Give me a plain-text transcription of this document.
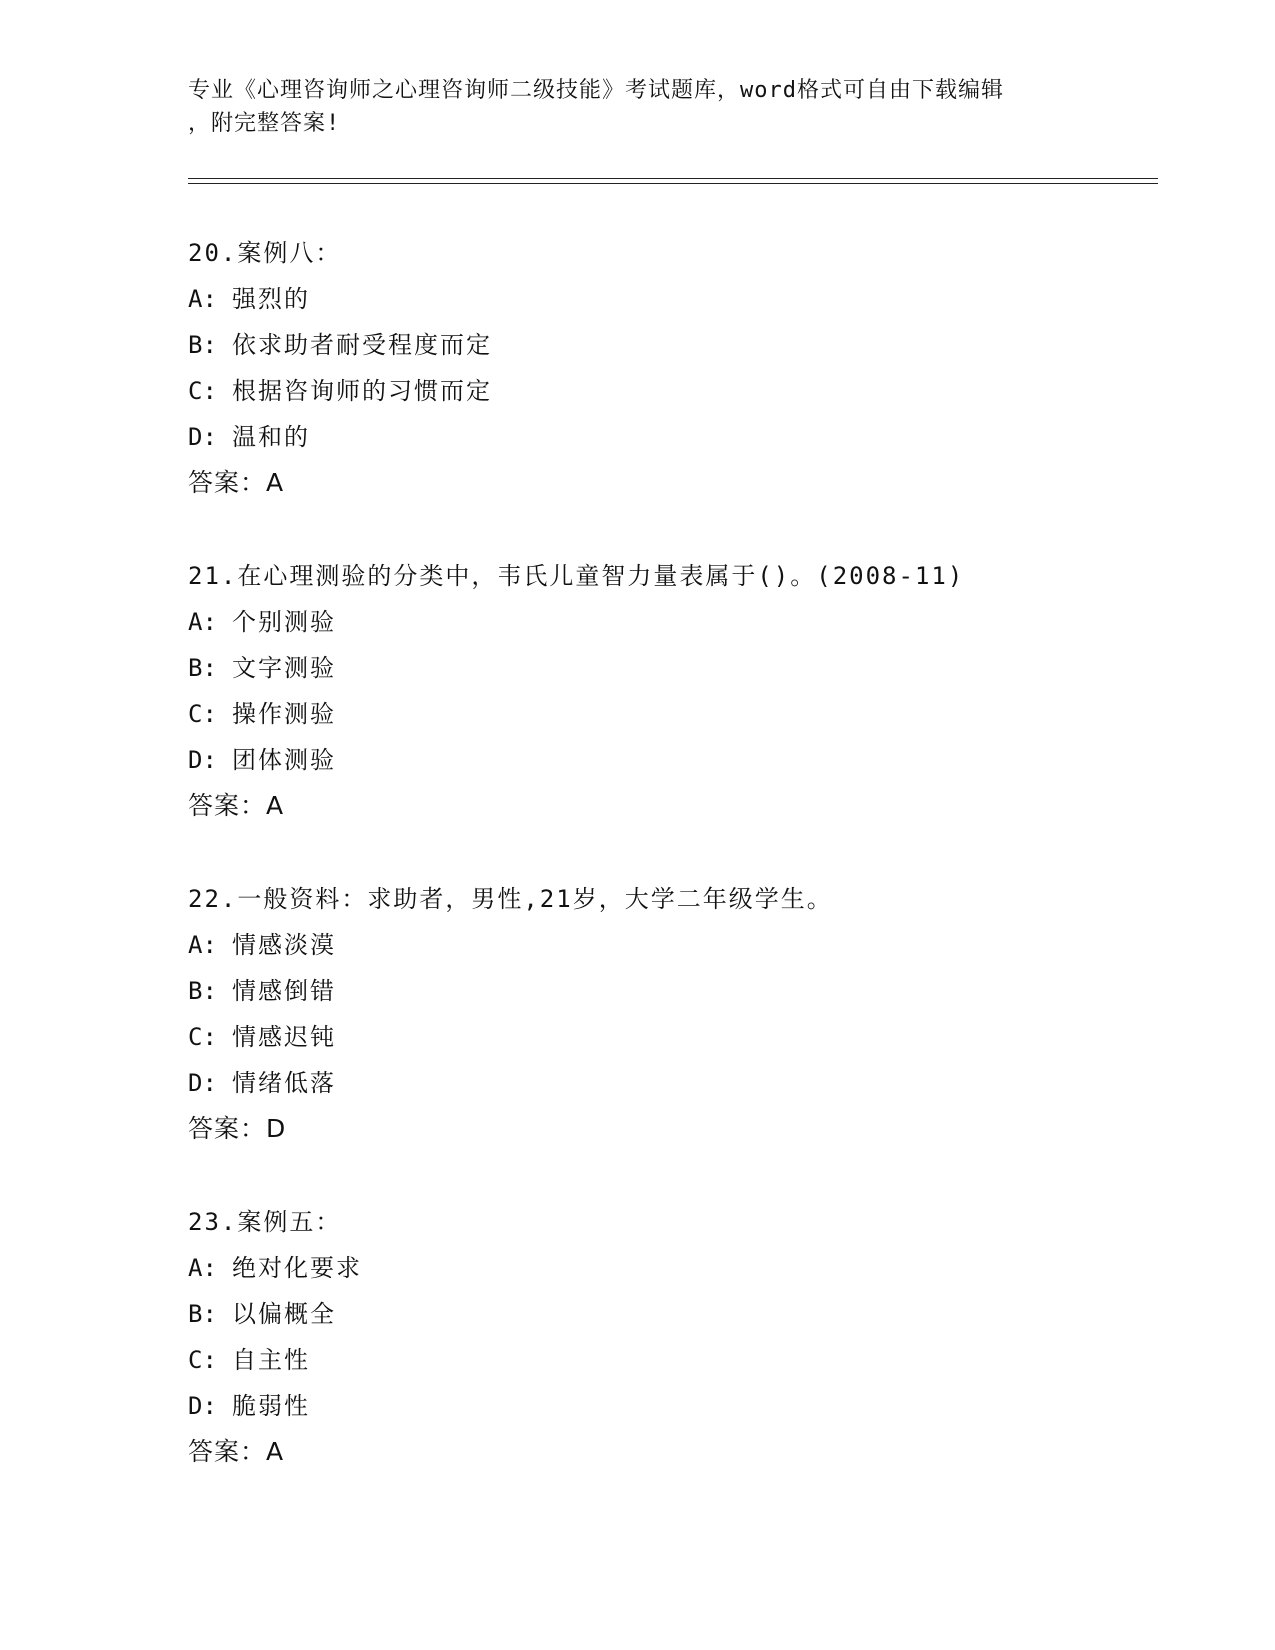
专业《心理咨询师之心理咨询师二级技能》考试题库，word格式可自由下载编辑
，附完整答案!
20.案例八：
A: 强烈的
B: 依求助者耐受程度而定
C: 根据咨询师的习惯而定
D: 温和的
答案：A
21.在心理测验的分类中，韦氏儿童智力量表属于()。(2008-11)
A: 个别测验
B: 文字测验
C: 操作测验
D: 团体测验
答案：A
22.一般资料：求助者，男性,21岁，大学二年级学生。
A: 情感淡漠
B: 情感倒错
C: 情感迟钝
D: 情绪低落
答案：D
23.案例五：
A: 绝对化要求
B: 以偏概全
C: 自主性
D: 脆弱性
答案：A
